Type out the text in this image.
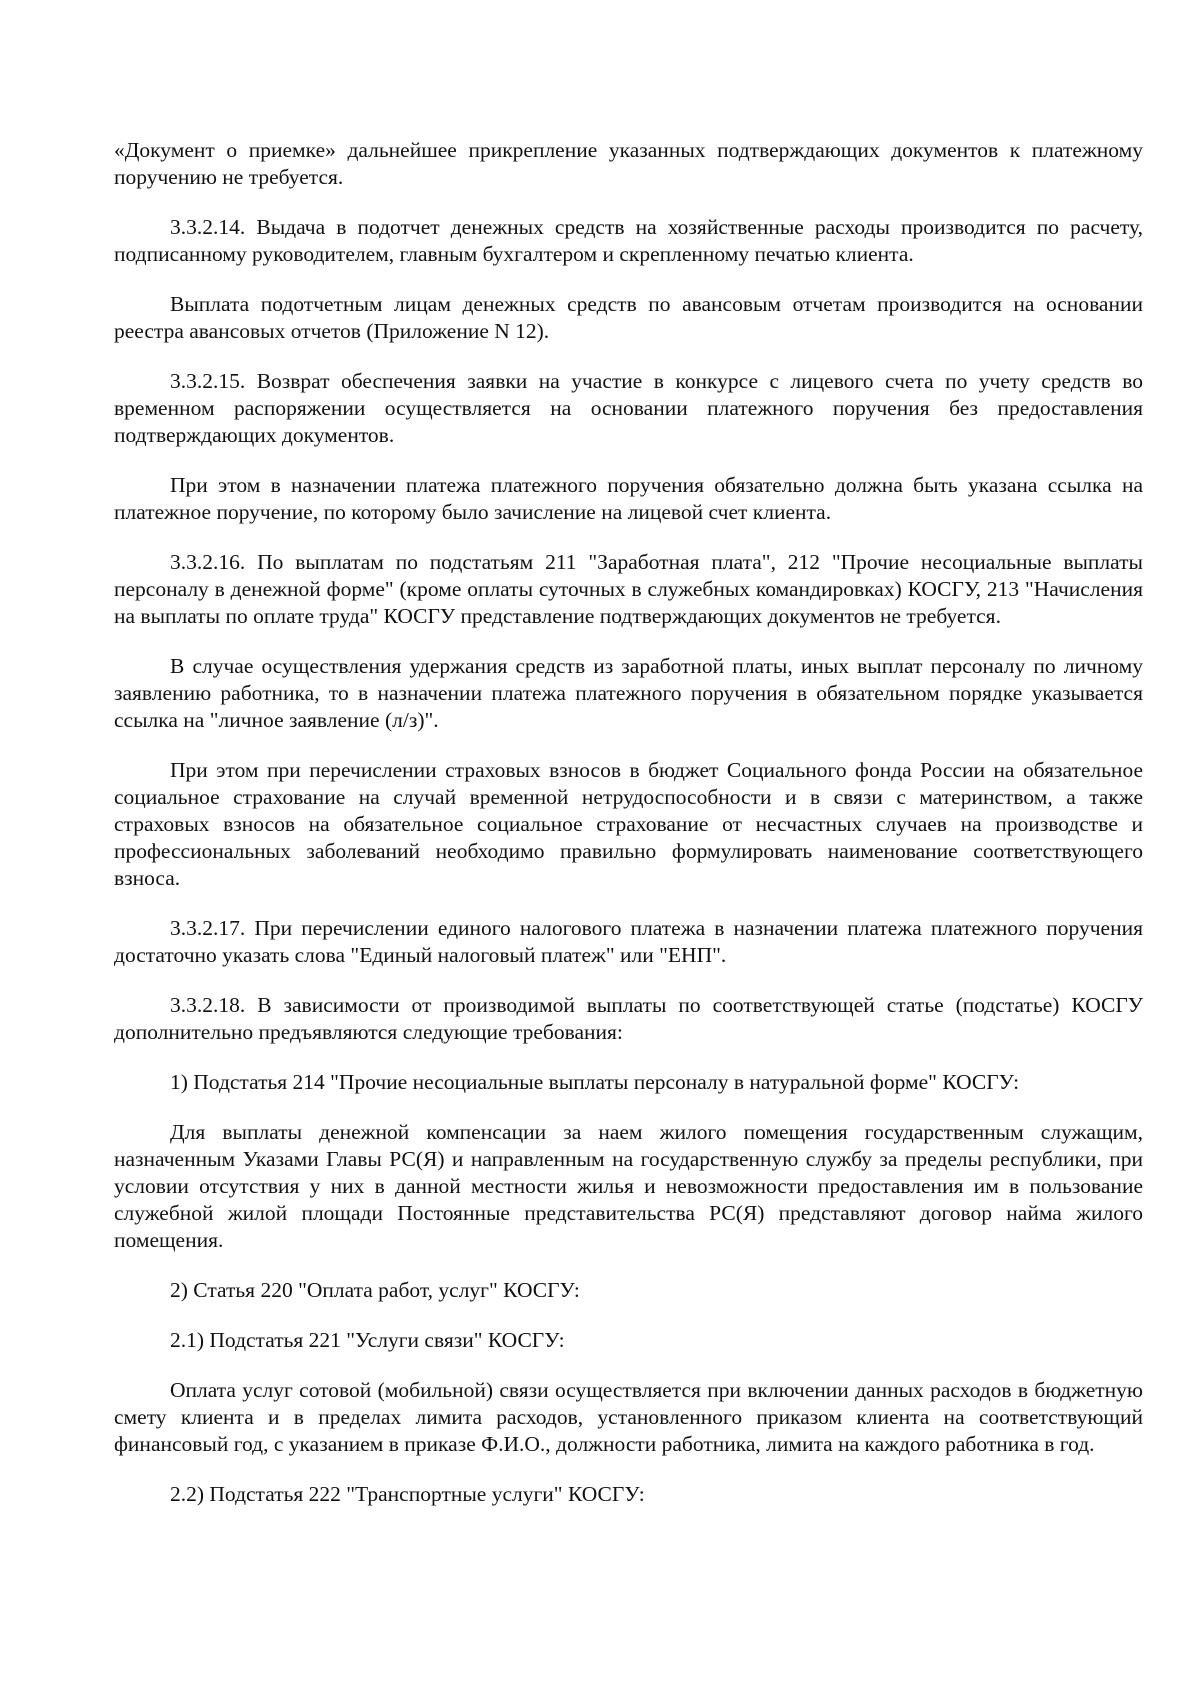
«Документ о приемке» дальнейшее прикрепление указанных подтверждающих документов к платежному поручению не требуется.

3.3.2.14. Выдача в подотчет денежных средств на хозяйственные расходы производится по расчету, подписанному руководителем, главным бухгалтером и скрепленному печатью клиента.

Выплата подотчетным лицам денежных средств по авансовым отчетам производится на основании реестра авансовых отчетов (Приложение N 12).

3.3.2.15. Возврат обеспечения заявки на участие в конкурсе с лицевого счета по учету средств во временном распоряжении осуществляется на основании платежного поручения без предоставления подтверждающих документов.

При этом в назначении платежа платежного поручения обязательно должна быть указана ссылка на платежное поручение, по которому было зачисление на лицевой счет клиента.

3.3.2.16. По выплатам по подстатьям 211 "Заработная плата", 212 "Прочие несоциальные выплаты персоналу в денежной форме" (кроме оплаты суточных в служебных командировках) КОСГУ, 213 "Начисления на выплаты по оплате труда" КОСГУ представление подтверждающих документов не требуется.

В случае осуществления удержания средств из заработной платы, иных выплат персоналу по личному заявлению работника, то в назначении платежа платежного поручения в обязательном порядке указывается ссылка на "личное заявление (л/з)".

При этом при перечислении страховых взносов в бюджет Социального фонда России на обязательное социальное страхование на случай временной нетрудоспособности и в связи с материнством, а также страховых взносов на обязательное социальное страхование от несчастных случаев на производстве и профессиональных заболеваний необходимо правильно формулировать наименование соответствующего взноса.

3.3.2.17. При перечислении единого налогового платежа в назначении платежа платежного поручения достаточно указать слова "Единый налоговый платеж" или "ЕНП".

3.3.2.18. В зависимости от производимой выплаты по соответствующей статье (подстатье) КОСГУ дополнительно предъявляются следующие требования:

1) Подстатья 214 "Прочие несоциальные выплаты персоналу в натуральной форме" КОСГУ:

Для выплаты денежной компенсации за наем жилого помещения государственным служащим, назначенным Указами Главы РС(Я) и направленным на государственную службу за пределы республики, при условии отсутствия у них в данной местности жилья и невозможности предоставления им в пользование служебной жилой площади Постоянные представительства РС(Я) представляют договор найма жилого помещения.

2) Статья 220 "Оплата работ, услуг" КОСГУ:

2.1) Подстатья 221 "Услуги связи" КОСГУ:

Оплата услуг сотовой (мобильной) связи осуществляется при включении данных расходов в бюджетную смету клиента и в пределах лимита расходов, установленного приказом клиента на соответствующий финансовый год, с указанием в приказе Ф.И.О., должности работника, лимита на каждого работника в год.

2.2) Подстатья 222 "Транспортные услуги" КОСГУ:
